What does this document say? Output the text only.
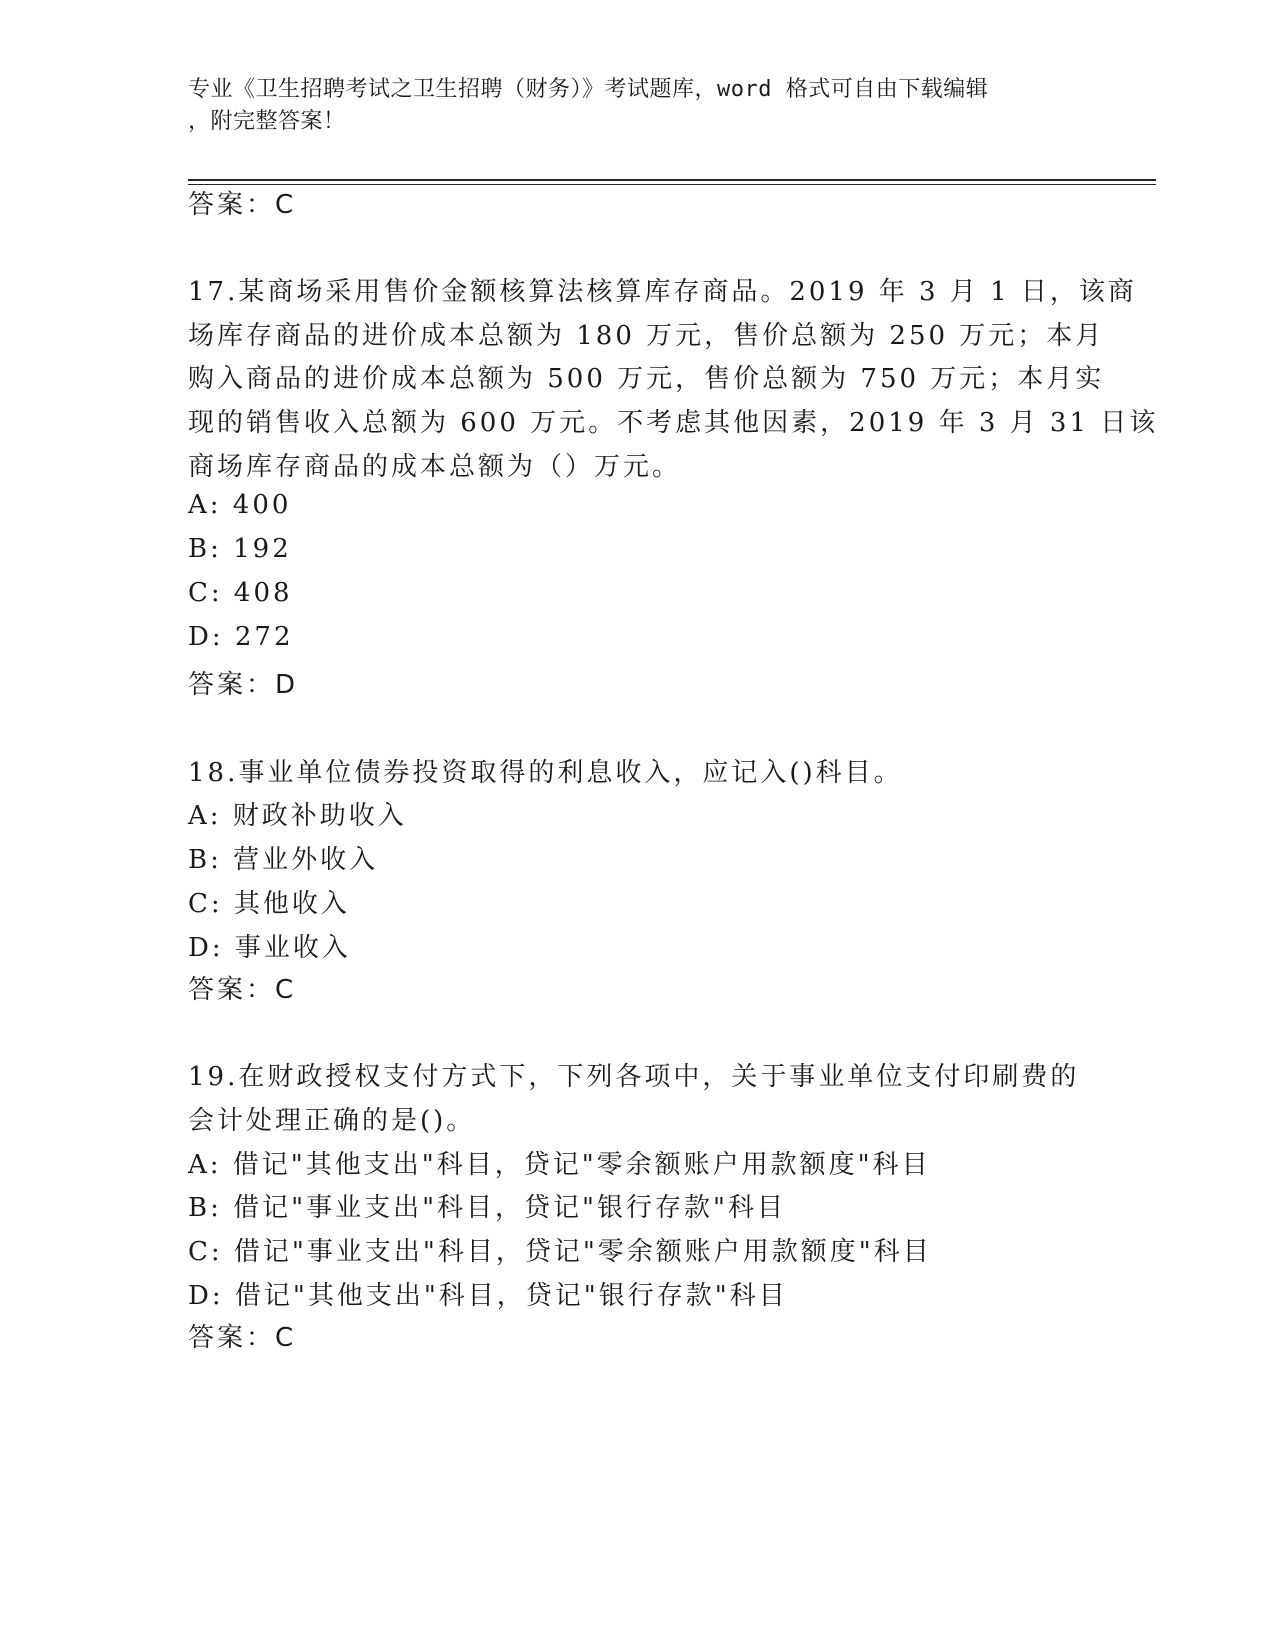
专业《卫生招聘考试之卫生招聘（财务）》考试题库，word 格式可自由下载编辑
，附完整答案！
答案：C
17.某商场采用售价金额核算法核算库存商品。2019 年 3 月 1 日，该商
场库存商品的进价成本总额为 180 万元，售价总额为 250 万元；本月
购入商品的进价成本总额为 500 万元，售价总额为 750 万元；本月实
现的销售收入总额为 600 万元。不考虑其他因素，2019 年 3 月 31 日该
商场库存商品的成本总额为（）万元。
A: 400
B: 192
C: 408
D: 272
答案：D
18.事业单位债券投资取得的利息收入，应记入()科目。
A: 财政补助收入
B: 营业外收入
C: 其他收入
D: 事业收入
答案：C
19.在财政授权支付方式下，下列各项中，关于事业单位支付印刷费的
会计处理正确的是()。
A: 借记"其他支出"科目，贷记"零余额账户用款额度"科目
B: 借记"事业支出"科目，贷记"银行存款"科目
C: 借记"事业支出"科目，贷记"零余额账户用款额度"科目
D: 借记"其他支出"科目，贷记"银行存款"科目
答案：C
